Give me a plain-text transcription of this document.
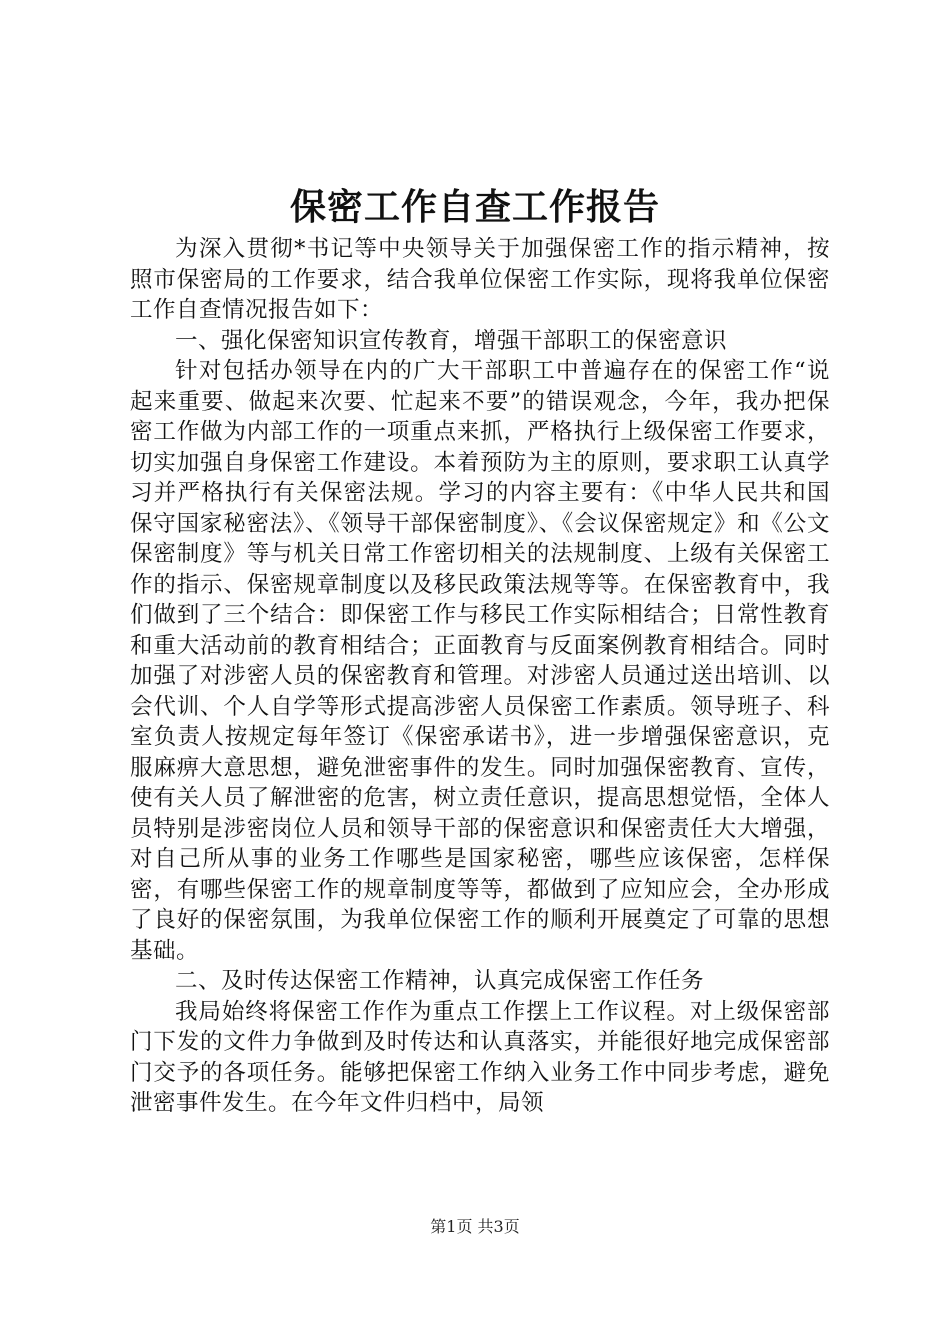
保密工作自查工作报告

为深入贯彻*书记等中央领导关于加强保密工作的指示精神，按照市保密局的工作要求，结合我单位保密工作实际，现将我单位保密工作自查情况报告如下：

一、强化保密知识宣传教育，增强干部职工的保密意识

针对包括办领导在内的广大干部职工中普遍存在的保密工作“说起来重要、做起来次要、忙起来不要”的错误观念，今年，我办把保密工作做为内部工作的一项重点来抓，严格执行上级保密工作要求，切实加强自身保密工作建设。本着预防为主的原则，要求职工认真学习并严格执行有关保密法规。学习的内容主要有：《中华人民共和国保守国家秘密法》、《领导干部保密制度》、《会议保密规定》和《公文保密制度》等与机关日常工作密切相关的法规制度、上级有关保密工作的指示、保密规章制度以及移民政策法规等等。在保密教育中，我们做到了三个结合：即保密工作与移民工作实际相结合；日常性教育和重大活动前的教育相结合；正面教育与反面案例教育相结合。同时加强了对涉密人员的保密教育和管理。对涉密人员通过送出培训、以会代训、个人自学等形式提高涉密人员保密工作素质。领导班子、科室负责人按规定每年签订《保密承诺书》，进一步增强保密意识，克服麻痹大意思想，避免泄密事件的发生。同时加强保密教育、宣传，使有关人员了解泄密的危害，树立责任意识，提高思想觉悟，全体人员特别是涉密岗位人员和领导干部的保密意识和保密责任大大增强，对自己所从事的业务工作哪些是国家秘密，哪些应该保密，怎样保密，有哪些保密工作的规章制度等等，都做到了应知应会，全办形成了良好的保密氛围，为我单位保密工作的顺利开展奠定了可靠的思想基础。

二、及时传达保密工作精神，认真完成保密工作任务

我局始终将保密工作作为重点工作摆上工作议程。对上级保密部门下发的文件力争做到及时传达和认真落实，并能很好地完成保密部门交予的各项任务。能够把保密工作纳入业务工作中同步考虑，避免泄密事件发生。在今年文件归档中，局领

第1页 共3页
